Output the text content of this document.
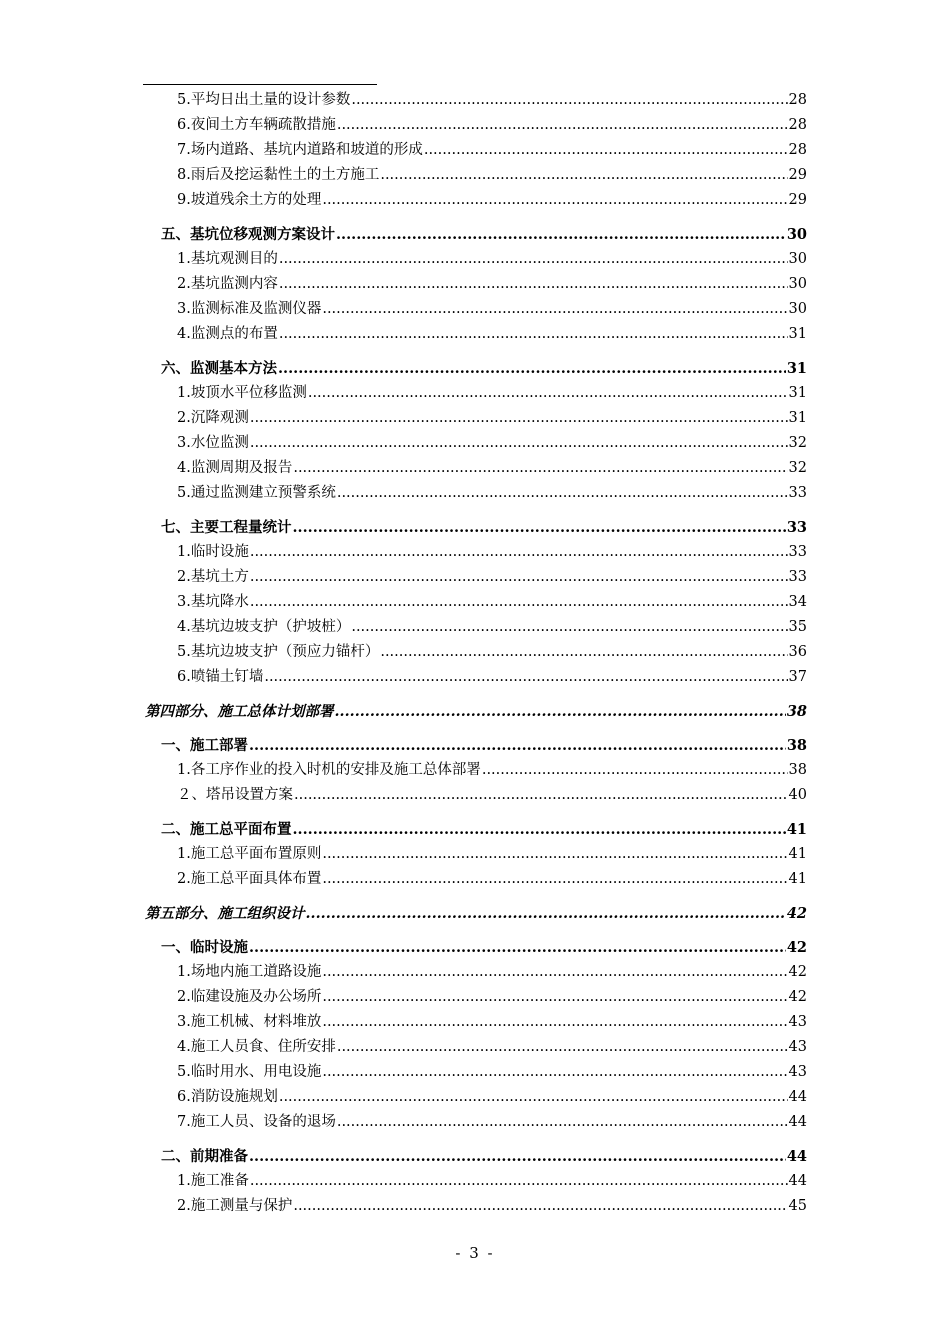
5.平均日出土量的设计参数 .....	28
6.夜间土方车辆疏散措施 .....	28
7.场内道路、基坑内道路和坡道的形成 .....	28
8.雨后及挖运黏性土的土方施工 .....	29
9.坡道残余土方的处理 .....	29
五、基坑位移观测方案设计 .....	30
1.基坑观测目的 .....	30
2.基坑监测内容 .....	30
3.监测标准及监测仪器 .....	30
4.监测点的布置 .....	31
六、监测基本方法 .....	31
1.坡顶水平位移监测 .....	31
2.沉降观测 .....	31
3.水位监测 .....	32
4.监测周期及报告 .....	32
5.通过监测建立预警系统 .....	33
七、主要工程量统计 .....	33
1.临时设施 .....	33
2.基坑土方 .....	33
3.基坑降水 .....	34
4.基坑边坡支护（护坡桩） .....	35
5.基坑边坡支护（预应力锚杆） .....	36
6.喷锚土钉墙 .....	37
第四部分、施工总体计划部署 .....	38
一、施工部署 .....	38
1.各工序作业的投入时机的安排及施工总体部署 .....	38
２、塔吊设置方案 .....	40
二、施工总平面布置 .....	41
1.施工总平面布置原则 .....	41
2.施工总平面具体布置 .....	41
第五部分、施工组织设计 .....	42
一、临时设施 .....	42
1.场地内施工道路设施 .....	42
2.临建设施及办公场所 .....	42
3.施工机械、材料堆放 .....	43
4.施工人员食、住所安排 .....	43
5.临时用水、用电设施 .....	43
6.消防设施规划 .....	44
7.施工人员、设备的退场 .....	44
二、前期准备 .....	44
1.施工准备 .....	44
2.施工测量与保护 .....	45
- 3 -
